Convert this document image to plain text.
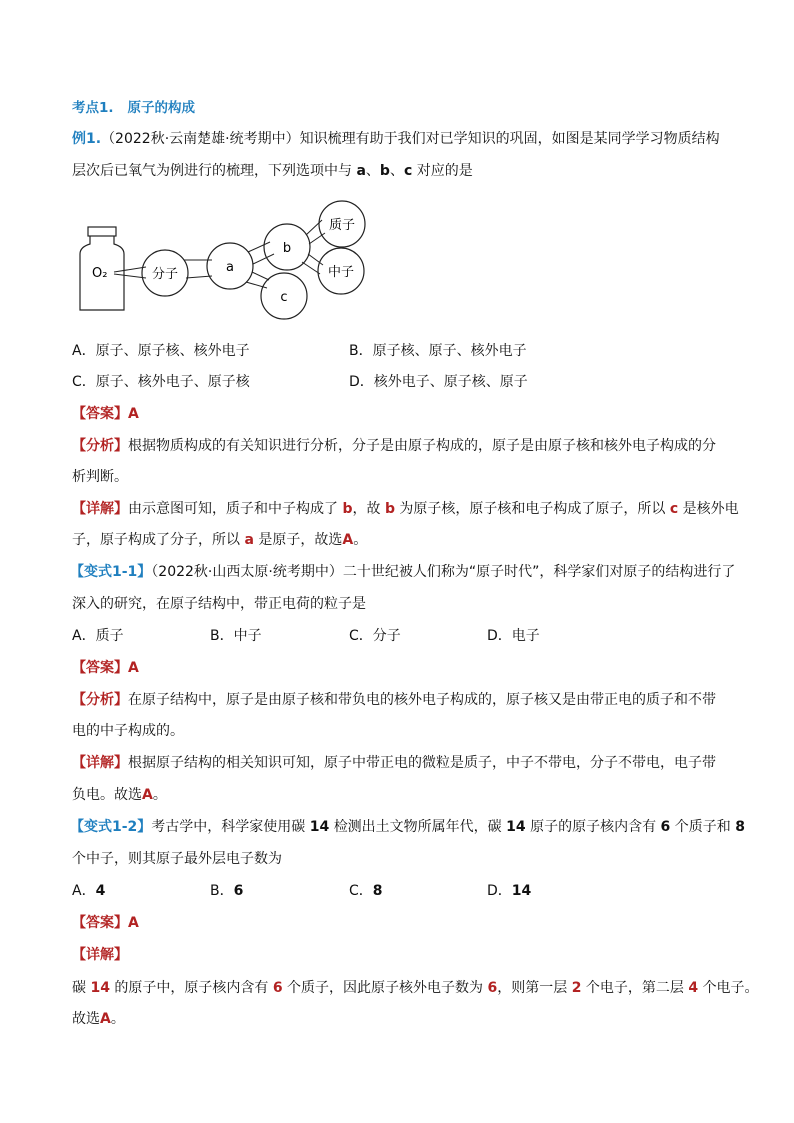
考点1. 原子的构成
例1.（2022秋·云南楚雄·统考期中）知识梳理有助于我们对已学知识的巩固，如图是某同学学习物质结构
层次后已氧气为例进行的梳理，下列选项中与 a、b、c 对应的是
O₂	分子	a
b
c
质子
中子
A．原子、原子核、核外电子	B．原子核、原子、核外电子
C．原子、核外电子、原子核	D．核外电子、原子核、原子
【答案】A
【分析】根据物质构成的有关知识进行分析，分子是由原子构成的，原子是由原子核和核外电子构成的分
析判断。
【详解】由示意图可知，质子和中子构成了 b，故 b 为原子核，原子核和电子构成了原子，所以 c 是核外电
子，原子构成了分子，所以 a 是原子，故选A。
【变式1-1】（2022秋·山西太原·统考期中）二十世纪被人们称为“原子时代”，科学家们对原子的结构进行了
深入的研究，在原子结构中，带正电荷的粒子是
A．质子	B．中子	C．分子	D．电子
【答案】A
【分析】在原子结构中，原子是由原子核和带负电的核外电子构成的，原子核又是由带正电的质子和不带
电的中子构成的。
【详解】根据原子结构的相关知识可知，原子中带正电的微粒是质子，中子不带电，分子不带电，电子带
负电。故选A。
【变式1-2】考古学中，科学家使用碳 14 检测出土文物所属年代，碳 14 原子的原子核内含有 6 个质子和 8
个中子，则其原子最外层电子数为
A．4	B．6	C．8	D．14
【答案】A
【详解】
碳 14 的原子中，原子核内含有 6 个质子，因此原子核外电子数为 6，则第一层 2 个电子，第二层 4 个电子。
故选A。
